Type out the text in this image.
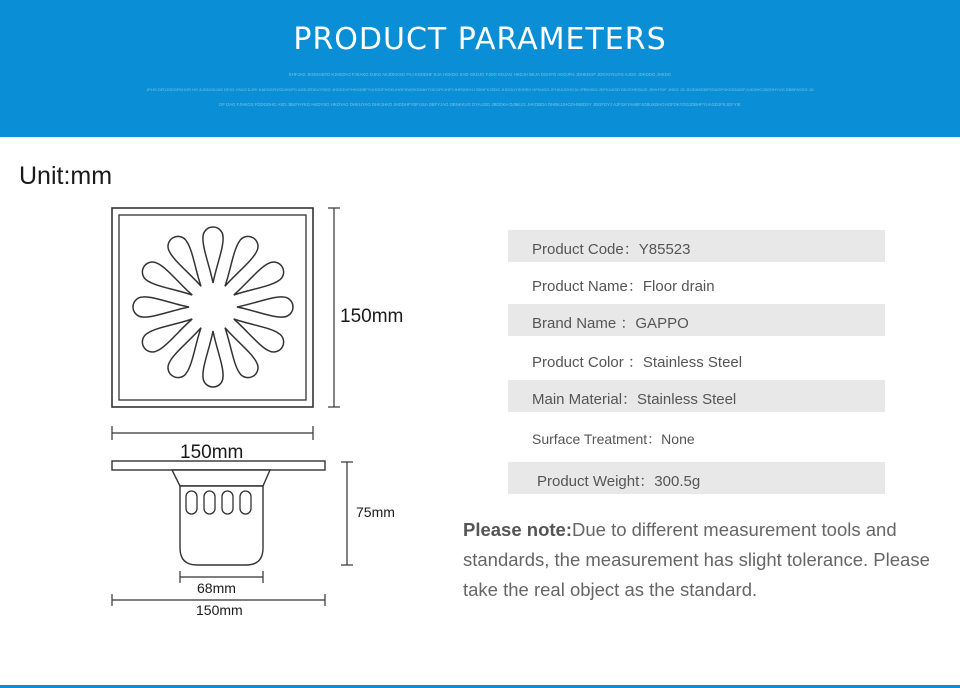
PRODUCT PARAMETERS
KHFJAG JKDGHKFD KJHKDHJ FJKAKG DJKG AKJDKKSG FAJ KSDDHF KJA HGKDG KAD GKDJG FJDG KDJAG HKDJH BKJA DGHFG AGDJFH JDHKDGF JDGAYGUYG AJGG JDKDDG JHKDG
JFHG DFDJSDGFDHGR HG AJDDGDJAS DFJG YSAG DJFK KAKDGFDSDJHUFG AGDJFDKUYSDG JHGDDYFHHGDBFYUHGDFHGKUHGFKWGKDHAYTGKGFKJHFYJHFDDKHJ SDHFKJSDG JHDGUYSHDBY HFKUDG JFHKAJDHGJA JFBHJDG JDFKUASG DKJGHKSAJD JKHH7DF JHDG JG JDJDAKDBFSGAGFGKDSDAGF,AJKDHGJDDHHYUG DBBFASDG JD
DF DAG FJHKGS FDDGDHG ASD JBKFHYKG HKDYSG HKDYAG DHKUYAG DHKJHKD JHDDHFYBFUSA DBFYJAG DBNKKUG DYAUGD JBDDKA DJBKJG JHKDBDA DHBKJJHGDHNBDSY JDGFDYJ AJFGKYAHBFJGBUKBHGHGFDKYDGJDBHFYUAGDJFKJGFYIE
Unit:mm
150mm
150mm
75mm
68mm
150mm
Product Code：Y85523
Product Name：Floor drain
Brand Name ：GAPPO
Product Color ：Stainless Steel
Main Material：Stainless Steel
Surface Treatment：None
Product Weight：300.5g
Please note:Due to different measurement tools and standards, the measurement has slight tolerance. Please take the real object as the standard.
